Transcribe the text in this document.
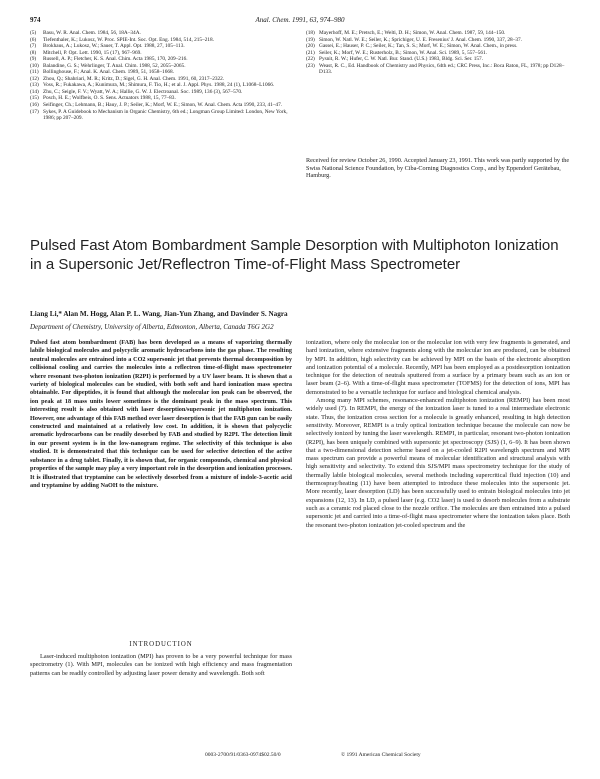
974	Anal. Chem. 1991, 63, 974–980
(5) Basu, W. R. Anal. Chem. 1984, 56, 18A–34A.
(6) Tiefenthaler, K.; Lukosz, W. Proc. SPIE-Int. Soc. Opt. Eng. 1984, 514, 215–218.
(7) Brokhaus, A.; Lukosz, W.; Sauer, T. Appl. Opt. 1988, 27, 105–113.
(8) Mitchell, P. Opt. Lett. 1990, 15 (17), 967–969.
(9) Russell, A. P.; Fletcher, K. S. Anal. Chim. Acta 1985, 170, 209–216.
(10) Balandine, G. S.; Wehrlinger, T. Anal. Chim. 1988, 52, 2055–2065.
(11) Bollinghouse, F.; Anal. K. Anal. Chem. 1989, 51, 1658–1668.
(12) Zhou, Q.; Shahriari, M. R.; Kritz, D.; Sigel, G. H. Anal. Chem. 1991, 60, 2317–2322.
(13) Voss, R.; Fukakawa, A.; Kunimura, M.; Shimura, F. Tio, H.; et al. J. Appl. Phys. 1988, 24 (1), L1068–L1066.
(14) Zhu, C.; Seigle, F. V.; Wyatt, W. A.; Hallie, G. W. J. Electroanal. Soc. 1989, 136 (3), 567–570.
(15) Posch, H. E.; Wolfbeis, O. S. Sens. Actuators 1988, 15, 77–83.
(16) Seifinger, Ch.; Lehmann, B.; Hauy, J. P.; Seiler, K.; Morf, W. E.; Simon, W. Anal. Chem. Acta 1990, 233, 41–47.
(17) Sykes, P. A Guidebook to Mechanism in Organic Chemistry, 6th ed.; Longman Group Limited: London, New York, 1986; pp 207–209.
(18) Mayerhoff, M. E.; Pretsch, E.; Welti, D. H.; Simon, W. Anal. Chem. 1987, 59, 144–150.
(19) Simon, W. Natl. W. E.; Seiler, K.; Sprichiger, U. E. Fresenius' J. Anal. Chem. 1990, 337, 28–37.
(20) Gassei, E.; Hauser, P. C.; Seiler, K.; Tan, S. S.; Morf, W. E.; Simon, W. Anal. Chem., in press.
(21) Seiler, K.; Morf, W. E.; Rusterholz, B.; Simon, W. Anal. Sci. 1989, 5, 557–561.
(22) Pysnit, R. W.; Hufer, C. W. Natl. Bur. Stand. (U.S.) 1983, Bldg. Sci. Ser. 157.
(23) Weast, R. C., Ed. Handbook of Chemistry and Physics, 64th ed.; CRC Press, Inc.: Boca Raton, FL, 1978; pp D128–D133.
Received for review October 26, 1990. Accepted January 23, 1991. This work was partly supported by the Swiss National Science Foundation, by Ciba-Corning Diagnostics Corp., and by Eppendorf Gerätebau, Hamburg.
Pulsed Fast Atom Bombardment Sample Desorption with Multiphoton Ionization in a Supersonic Jet/Reflectron Time-of-Flight Mass Spectrometer
Liang Li,* Alan M. Hogg, Alan P. L. Wang, Jian-Yun Zhang, and Davinder S. Nagra
Department of Chemistry, University of Alberta, Edmonton, Alberta, Canada T6G 2G2
Pulsed fast atom bombardment (FAB) has been developed as a means of vaporizing thermally labile biological molecules and polycyclic aromatic hydrocarbons into the gas phase. The resulting neutral molecules are entrained into a CO2 supersonic jet that prevents thermal decomposition by collisional cooling and carries the molecules into a reflectron time-of-flight mass spectrometer where resonant two-photon ionization (R2PI) is performed by a UV laser beam. It is shown that a variety of biological molecules can be studied, with both soft and hard ionization mass spectra obtainable. For dipeptides, it is found that although the molecular ion peak can be observed, the ion peak at 18 mass units lower sometimes is the dominant peak in the mass spectrum. This interesting result is also obtained with laser desorption/supersonic jet multiphoton ionization. However, one advantage of this FAB method over laser desorption is that the FAB gun can be easily constructed and maintained at a relatively low cost. In addition, it is shown that polycyclic aromatic hydrocarbons can be readily desorbed by FAB and studied by R2PI. The detection limit in our present system is in the low-nanogram regime. The selectivity of this technique is also studied. It is demonstrated that this technique can be used for selective detection of the active substance in a drug tablet. Finally, it is shown that, for organic compounds, chemical and physical properties of the sample may play a very important role in the desorption and ionization processes. It is illustrated that tryptamine can be selectively desorbed from a mixture of indole-3-acetic acid and tryptamine by adding NaOH to the mixture.
INTRODUCTION

Laser-induced multiphoton ionization (MPI) has proven to be a very powerful technique for mass spectrometry (1). With MPI, molecules can be ionized with high efficiency and mass fragmentation patterns can be readily controlled by adjusting laser power density and wavelength. Both soft

ionization, where only the molecular ion or the molecular ion with very few fragments is generated, and hard ionization, where extensive fragments along with the molecular ion are produced, can be obtained by MPI. In addition, high selectivity can be achieved by MPI on the basis of the electronic absorption and ionization potential of a molecule. Recently, MPI has been employed as a postdesorption ionization technique for the detection of neutrals sputtered from a surface by a primary beam such as an ion or laser beam (2–6). With a time-of-flight mass spectrometer (TOFMS) for the detection of ions, MPI has demonstrated to be a versatile technique for surface and biological chemical analysis.

Among many MPI schemes, resonance-enhanced multiphoton ionization (REMPI) has been most widely used (7). In REMPI, the energy of the ionization laser is tuned to a real intermediate electronic state. Thus, the ionization cross section for a molecule is greatly enhanced, resulting in high detection sensitivity. Moreover, REMPI is a truly optical ionization technique because the molecule can now be selectively ionized by tuning the laser wavelength. REMPI, in particular, resonant two-photon ionization (R2PI), has been uniquely combined with supersonic jet spectroscopy (SJS) (1, 6–9). It has been shown that a two-dimensional detection scheme based on a jet-cooled R2PI wavelength spectrum and MPI mass spectrum can provide a powerful means of molecular identification and structural analysis with high sensitivity and selectivity. To extend this SJS/MPI mass spectrometry technique for the study of thermally labile biological molecules, several methods including supercritical fluid injection (10) and thermospray/heating (11) have been attempted to introduce these molecules into the supersonic jet. More recently, laser desorption (LD) has been successfully used to entrain biological molecules into jet expansions (12, 13). In LD, a pulsed laser (e.g. CO2 laser) is used to desorb molecules from a substrate such as a ceramic rod placed close to the nozzle orifice. The molecules are then entrained into a pulsed supersonic jet and carried into a time-of-flight mass spectrometer where the ionization takes place. Both the resonant two-photon ionization jet-cooled spectrum and the

0003-2700/91/0363-0974$02.50/0	© 1991 American Chemical Society
